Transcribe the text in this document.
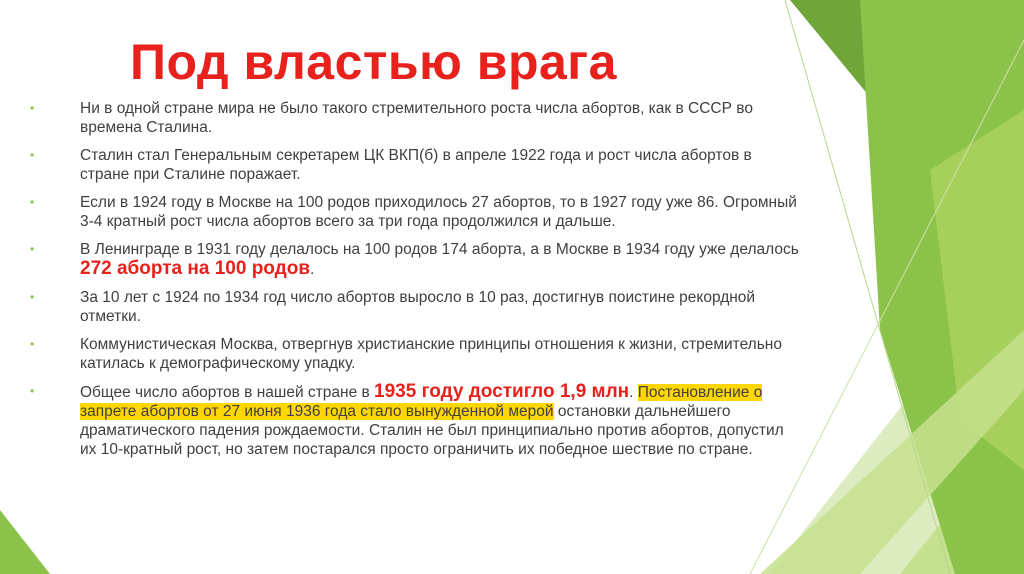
Под властью врага
•	Ни в одной стране мира не было такого стремительного роста числа абортов, как в СССР во времена Сталина.
•	Сталин стал Генеральным секретарем ЦК ВКП(б) в апреле 1922 года и рост числа абортов в стране при Сталине поражает.
•	Если в 1924 году в Москве на 100 родов приходилось 27 абортов, то в 1927 году уже 86. Огромный 3-4 кратный рост числа абортов всего за три года продолжился и дальше.
•	В Ленинграде в 1931 году делалось на 100 родов 174 аборта, а в Москве в 1934 году уже делалось 272 аборта на 100 родов.
•	За 10 лет с 1924 по 1934 год число абортов выросло в 10 раз, достигнув поистине рекордной отметки.
•	Коммунистическая Москва, отвергнув христианские принципы отношения к жизни, стремительно катилась к демографическому упадку.
•	Общее число абортов в нашей стране в 1935 году достигло 1,9 млн. Постановление о запрете абортов от 27 июня 1936 года стало вынужденной мерой остановки дальнейшего драматического падения рождаемости. Сталин не был принципиально против абортов, допустил их 10-кратный рост, но затем постарался просто ограничить их победное шествие по стране.
